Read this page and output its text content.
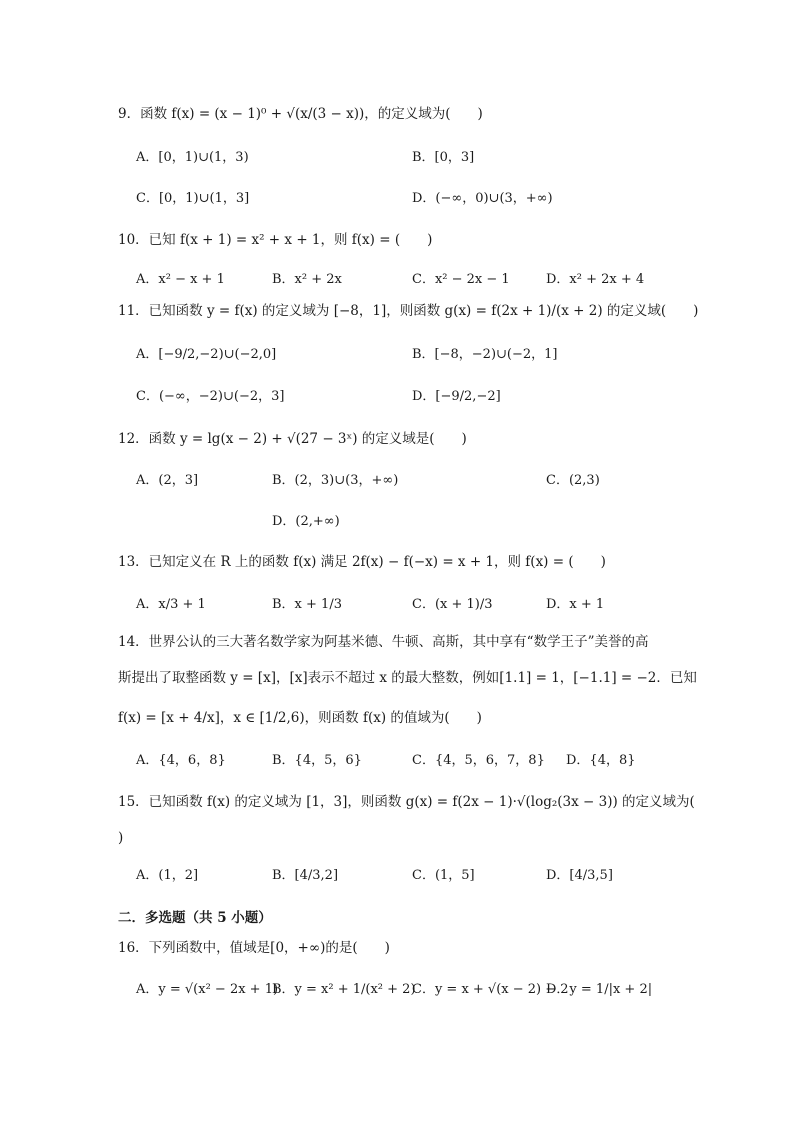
9．函数 f(x) = (x − 1)⁰ + √(x/(3 − x))，的定义域为(　　)
A．[0，1)∪(1，3)	B．[0，3]
C．[0，1)∪(1，3]	D．(−∞，0)∪(3，+∞)
10．已知 f(x + 1) = x² + x + 1，则 f(x) = (　　)
A．x² − x + 1	B．x² + 2x	C．x² − 2x − 1	D．x² + 2x + 4
11．已知函数 y = f(x) 的定义域为 [−8，1]，则函数 g(x) = f(2x + 1)/(x + 2) 的定义域(　　)
A．[−9/2,−2)∪(−2,0]	B．[−8，−2)∪(−2，1]
C．(−∞，−2)∪(−2，3]	D．[−9/2,−2]
12．函数 y = lg(x − 2) + √(27 − 3ˣ) 的定义域是(　　)
A．(2，3]	B．(2，3)∪(3，+∞)	C．(2,3)
D．(2,+∞)
13．已知定义在 R 上的函数 f(x) 满足 2f(x) − f(−x) = x + 1，则 f(x) = (　　)
A．x/3 + 1	B．x + 1/3	C．(x + 1)/3	D．x + 1
14．世界公认的三大著名数学家为阿基米德、牛顿、高斯，其中享有“数学王子”美誉的高
斯提出了取整函数 y = [x]，[x]表示不超过 x 的最大整数，例如[1.1] = 1，[−1.1] = −2．已知
f(x) = [x + 4/x]，x ∈ [1/2,6)，则函数 f(x) 的值域为(　　)
A．{4，6，8}	B．{4，5，6}	C．{4，5，6，7，8} D．{4，8}
15．已知函数 f(x) 的定义域为 [1，3]，则函数 g(x) = f(2x − 1)·√(log₂(3x − 3)) 的定义域为(
)
A．(1，2]	B．[4/3,2]	C．(1，5]	D．[4/3,5]
二．多选题（共 5 小题）
16．下列函数中，值域是[0，+∞)的是(　　)
A．y = √(x² − 2x + 1)
B．y = x² + 1/(x² + 2)
C．y = x + √(x − 2) − 2
D．y = 1/|x + 2|
